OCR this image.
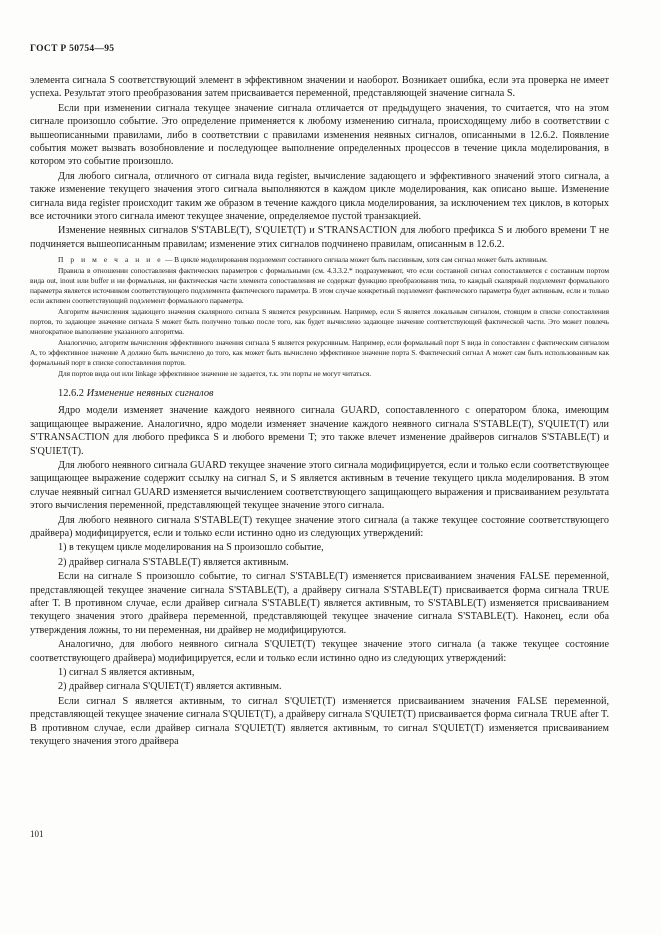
ГОСТ Р 50754—95

элемента сигнала S соответствующий элемент в эффективном значении и наоборот. Возникает ошибка, если эта проверка не имеет успеха. Результат этого преобразования затем присваивается переменной, представляющей значение сигнала S.

Если при изменении сигнала текущее значение сигнала отличается от предыдущего значения, то считается, что на этом сигнале произошло событие. Это определение применяется к любому изменению сигнала, происходящему либо в соответствии с вышеописанными правилами, либо в соответствии с правилами изменения неявных сигналов, описанными в 12.6.2. Появление события может вызвать возобновление и последующее выполнение определенных процессов в течение цикла моделирования, в котором это событие произошло.

Для любого сигнала, отличного от сигнала вида register, вычисление задающего и эффективного значений этого сигнала, а также изменение текущего значения этого сигнала выполняются в каждом цикле моделирования, как описано выше. Изменение сигнала вида register происходит таким же образом в течение каждого цикла моделирования, за исключением тех циклов, в которых все источники этого сигнала имеют текущее значение, определяемое пустой транзакцией.

Изменение неявных сигналов S'STABLE(T), S'QUIET(T) и S'TRANSACTION для любого префикса S и любого времени T не подчиняется вышеописанным правилам; изменение этих сигналов подчинено правилам, описанным в 12.6.2.

П р и м е ч а н и е — В цикле моделирования подэлемент составного сигнала может быть пассивным, хотя сам сигнал может быть активным.

Правила в отношении сопоставления фактических параметров с формальными (см. 4.3.3.2.* подразумевают, что если составной сигнал сопоставляется с составным портом вида out, inout или buffer и ни формальная, ни фактическая части элемента сопоставления не содержат функцию преобразования типа, то каждый скалярный подэлемент формального параметра является источником соответствующего подэлемента фактического параметра. В этом случае конкретный подэлемент фактического параметра будет активным, если и только если активен соответствующий подэлемент формального параметра.

Алгоритм вычисления задающего значения скалярного сигнала S является рекурсивным. Например, если S является локальным сигналом, стоящим в списке сопоставления портов, то задающее значение сигнала S может быть получено только после того, как будет вычислено задающее значение соответствующей фактической части. Это может повлечь многократное выполнение указанного алгоритма.

Аналогично, алгоритм вычисления эффективного значения сигнала S является рекурсивным. Например, если формальный порт S вида in сопоставлен с фактическим сигналом А, то эффективное значение А должно быть вычислено до того, как может быть вычислено эффективное значение порта S. Фактический сигнал А может сам быть использованным как формальный порт в списке сопоставления портов.

Для портов вида out или linkage эффективное значение не задается, т.к. эти порты не могут читаться.

12.6.2 Изменение неявных сигналов

Ядро модели изменяет значение каждого неявного сигнала GUARD, сопоставленного с оператором блока, имеющим защищающее выражение. Аналогично, ядро модели изменяет значение каждого неявного сигнала S'STABLE(T), S'QUIET(T) или S'TRANSACTION для любого префикса S и любого времени T; это также влечет изменение драйверов сигналов S'STABLE(T) и S'QUIET(T).

Для любого неявного сигнала GUARD текущее значение этого сигнала модифицируется, если и только если соответствующее защищающее выражение содержит ссылку на сигнал S, и S является активным в течение текущего цикла моделирования. В этом случае неявный сигнал GUARD изменяется вычислением соответствующего защищающего выражения и присваиванием результата этого вычисления переменной, представляющей текущее значение этого сигнала.

Для любого неявного сигнала S'STABLE(T) текущее значение этого сигнала (а также текущее состояние соответствующего драйвера) модифицируется, если и только если истинно одно из следующих утверждений:

1) в текущем цикле моделирования на S произошло событие,

2) драйвер сигнала S'STABLE(T) является активным.

Если на сигнале S произошло событие, то сигнал S'STABLE(T) изменяется присваиванием значения FALSE переменной, представляющей текущее значение сигнала S'STABLE(T), а драйверу сигнала S'STABLE(T) присваивается форма сигнала TRUE after T. В противном случае, если драйвер сигнала S'STABLE(T) является активным, то S'STABLE(T) изменяется присваиванием текущего значения этого драйвера переменной, представляющей текущее значение сигнала S'STABLE(T). Наконец, если оба утверждения ложны, то ни переменная, ни драйвер не модифицируются.

Аналогично, для любого неявного сигнала S'QUIET(T) текущее значение этого сигнала (а также текущее состояние соответствующего драйвера) модифицируется, если и только если истинно одно из следующих утверждений:

1) сигнал S является активным,

2) драйвер сигнала S'QUIET(T) является активным.

Если сигнал S является активным, то сигнал S'QUIET(T) изменяется присваиванием значения FALSE переменной, представляющей текущее значение сигнала S'QUIET(T), а драйверу сигнала S'QUIET(T) присваивается форма сигнала TRUE after T. В противном случае, если драйвер сигнала S'QUIET(T) является активным, то сигнал S'QUIET(T) изменяется присваиванием текущего значения этого драйвера

101
